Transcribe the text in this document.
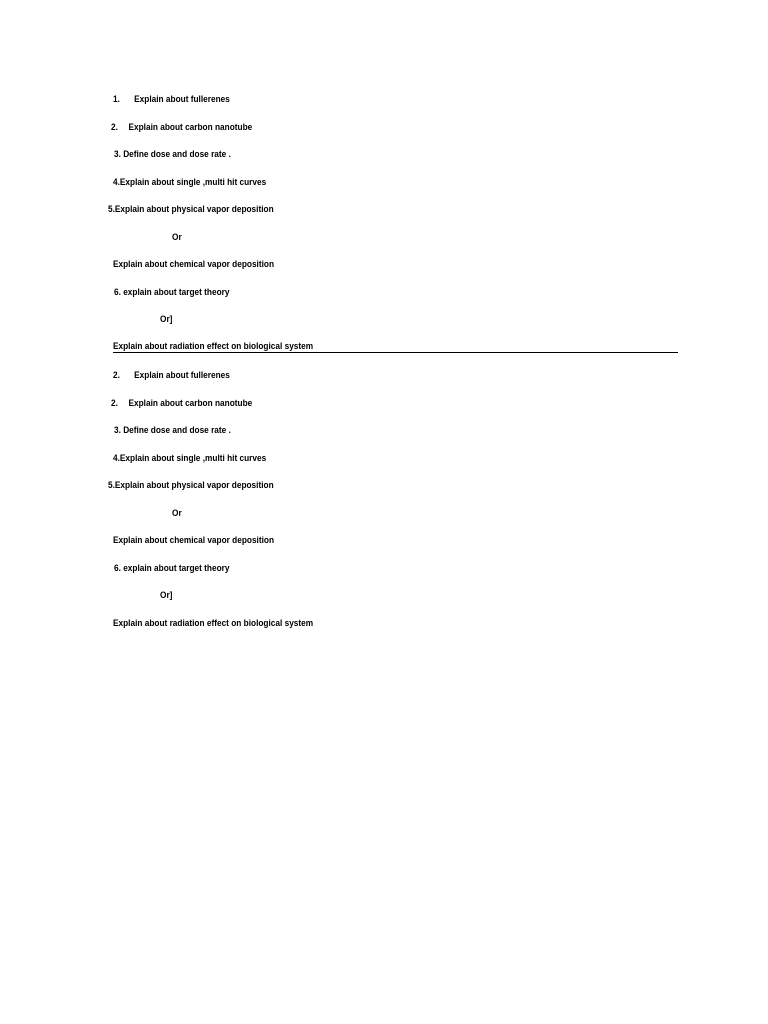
1. Explain about fullerenes
2. Explain about carbon nanotube
3. Define dose and dose rate .
4.Explain about single ,multi hit curves
5.Explain about physical vapor deposition
Or
Explain about chemical vapor deposition
6. explain about target theory
Or]
Explain about radiation effect on biological system
2. Explain about fullerenes
2. Explain about carbon nanotube
3. Define dose and dose rate .
4.Explain about single ,multi hit curves
5.Explain about physical vapor deposition
Or
Explain about chemical vapor deposition
6. explain about target theory
Or]
Explain about radiation effect on biological system
